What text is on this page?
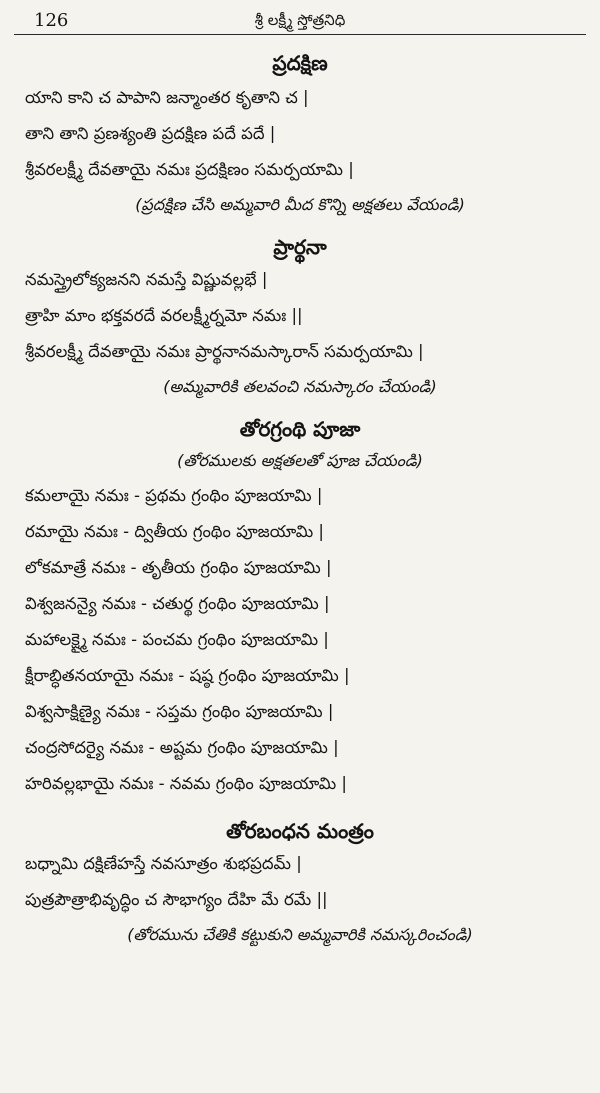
126	శ్రీ లక్ష్మీ స్తోత్రనిధి
ప్రదక్షిణ
యాని కాని చ పాపాని జన్మాంతర కృతాని చ |
తాని తాని ప్రణశ్యంతి ప్రదక్షిణ పదే పదే |
శ్రీవరలక్ష్మీ దేవతాయై నమః ప్రదక్షిణం సమర్పయామి |
(ప్రదక్షిణ చేసి అమ్మవారి మీద కొన్ని అక్షతలు వేయండి)
ప్రార్థనా
నమస్త్రైలోక్యజనని నమస్తే విష్ణువల్లభే |
త్రాహి మాం భక్తవరదే వరలక్ష్మీర్నమో నమః ||
శ్రీవరలక్ష్మీ దేవతాయై నమః ప్రార్థనానమస్కారాన్ సమర్పయామి |
(అమ్మవారికి తలవంచి నమస్కారం చేయండి)
తోరగ్రంథి పూజా
(తోరములకు అక్షతలతో పూజ చేయండి)
కమలాయై నమః - ప్రథమ గ్రంథిం పూజయామి |
రమాయై నమః - ద్వితీయ గ్రంథిం పూజయామి |
లోకమాత్రే నమః - తృతీయ గ్రంథిం పూజయామి |
విశ్వజనన్యై నమః - చతుర్థ గ్రంథిం పూజయామి |
మహాలక్ష్మై నమః - పంచమ గ్రంథిం పూజయామి |
క్షీరాబ్ధితనయాయై నమః - షష్ఠ గ్రంథిం పూజయామి |
విశ్వసాక్షిణ్యై నమః - సప్తమ గ్రంథిం పూజయామి |
చంద్రసోదర్యై నమః - అష్టమ గ్రంథిం పూజయామి |
హరివల్లభాయై నమః - నవమ గ్రంథిం పూజయామి |
తోరబంధన మంత్రం
బధ్నామి దక్షిణేహస్తే నవసూత్రం శుభప్రదమ్ |
పుత్రపౌత్రాభివృద్ధిం చ సౌభాగ్యం దేహి మే రమే ||
(తోరమును చేతికి కట్టుకుని అమ్మవారికి నమస్కరించండి)
